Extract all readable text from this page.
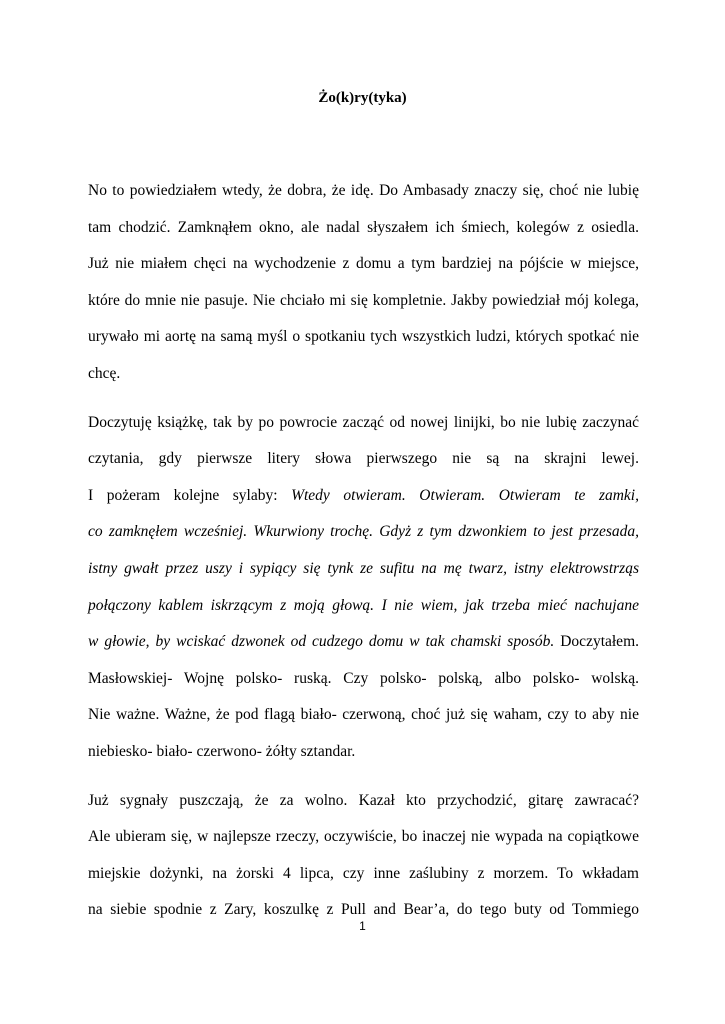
Żo(k)ry(tyka)
No to powiedziałem wtedy, że dobra, że idę. Do Ambasady znaczy się, choć nie lubię
tam chodzić. Zamknąłem okno, ale nadal słyszałem ich śmiech, kolegów z osiedla.
Już nie miałem chęci na wychodzenie z domu a tym bardziej na pójście w miejsce,
które do mnie nie pasuje. Nie chciało mi się kompletnie. Jakby powiedział mój kolega,
urywało mi aortę na samą myśl o spotkaniu tych wszystkich ludzi, których spotkać nie
chcę.
Doczytuję książkę, tak by po powrocie zacząć od nowej linijki, bo nie lubię zaczynać
czytania, gdy pierwsze litery słowa pierwszego nie są na skrajni lewej.
I pożeram kolejne sylaby: Wtedy otwieram. Otwieram. Otwieram te zamki,
co zamknęłem wcześniej. Wkurwiony trochę. Gdyż z tym dzwonkiem to jest przesada,
istny gwałt przez uszy i sypiący się tynk ze sufitu na mę twarz, istny elektrowstrząs
połączony kablem iskrzącym z moją głową. I nie wiem, jak trzeba mieć nachujane
w głowie, by wciskać dzwonek od cudzego domu w tak chamski sposób. Doczytałem.
Masłowskiej- Wojnę polsko- ruską. Czy polsko- polską, albo polsko- wolską.
Nie ważne. Ważne, że pod flagą biało- czerwoną, choć już się waham, czy to aby nie
niebiesko- biało- czerwono- żółty sztandar.
Już sygnały puszczają, że za wolno. Kazał kto przychodzić, gitarę zawracać?
Ale ubieram się, w najlepsze rzeczy, oczywiście, bo inaczej nie wypada na copiątkowe
miejskie dożynki, na żorski 4 lipca, czy inne zaślubiny z morzem. To wkładam
na siebie spodnie z Zary, koszulkę z Pull and Bear’a, do tego buty od Tommiego
1
